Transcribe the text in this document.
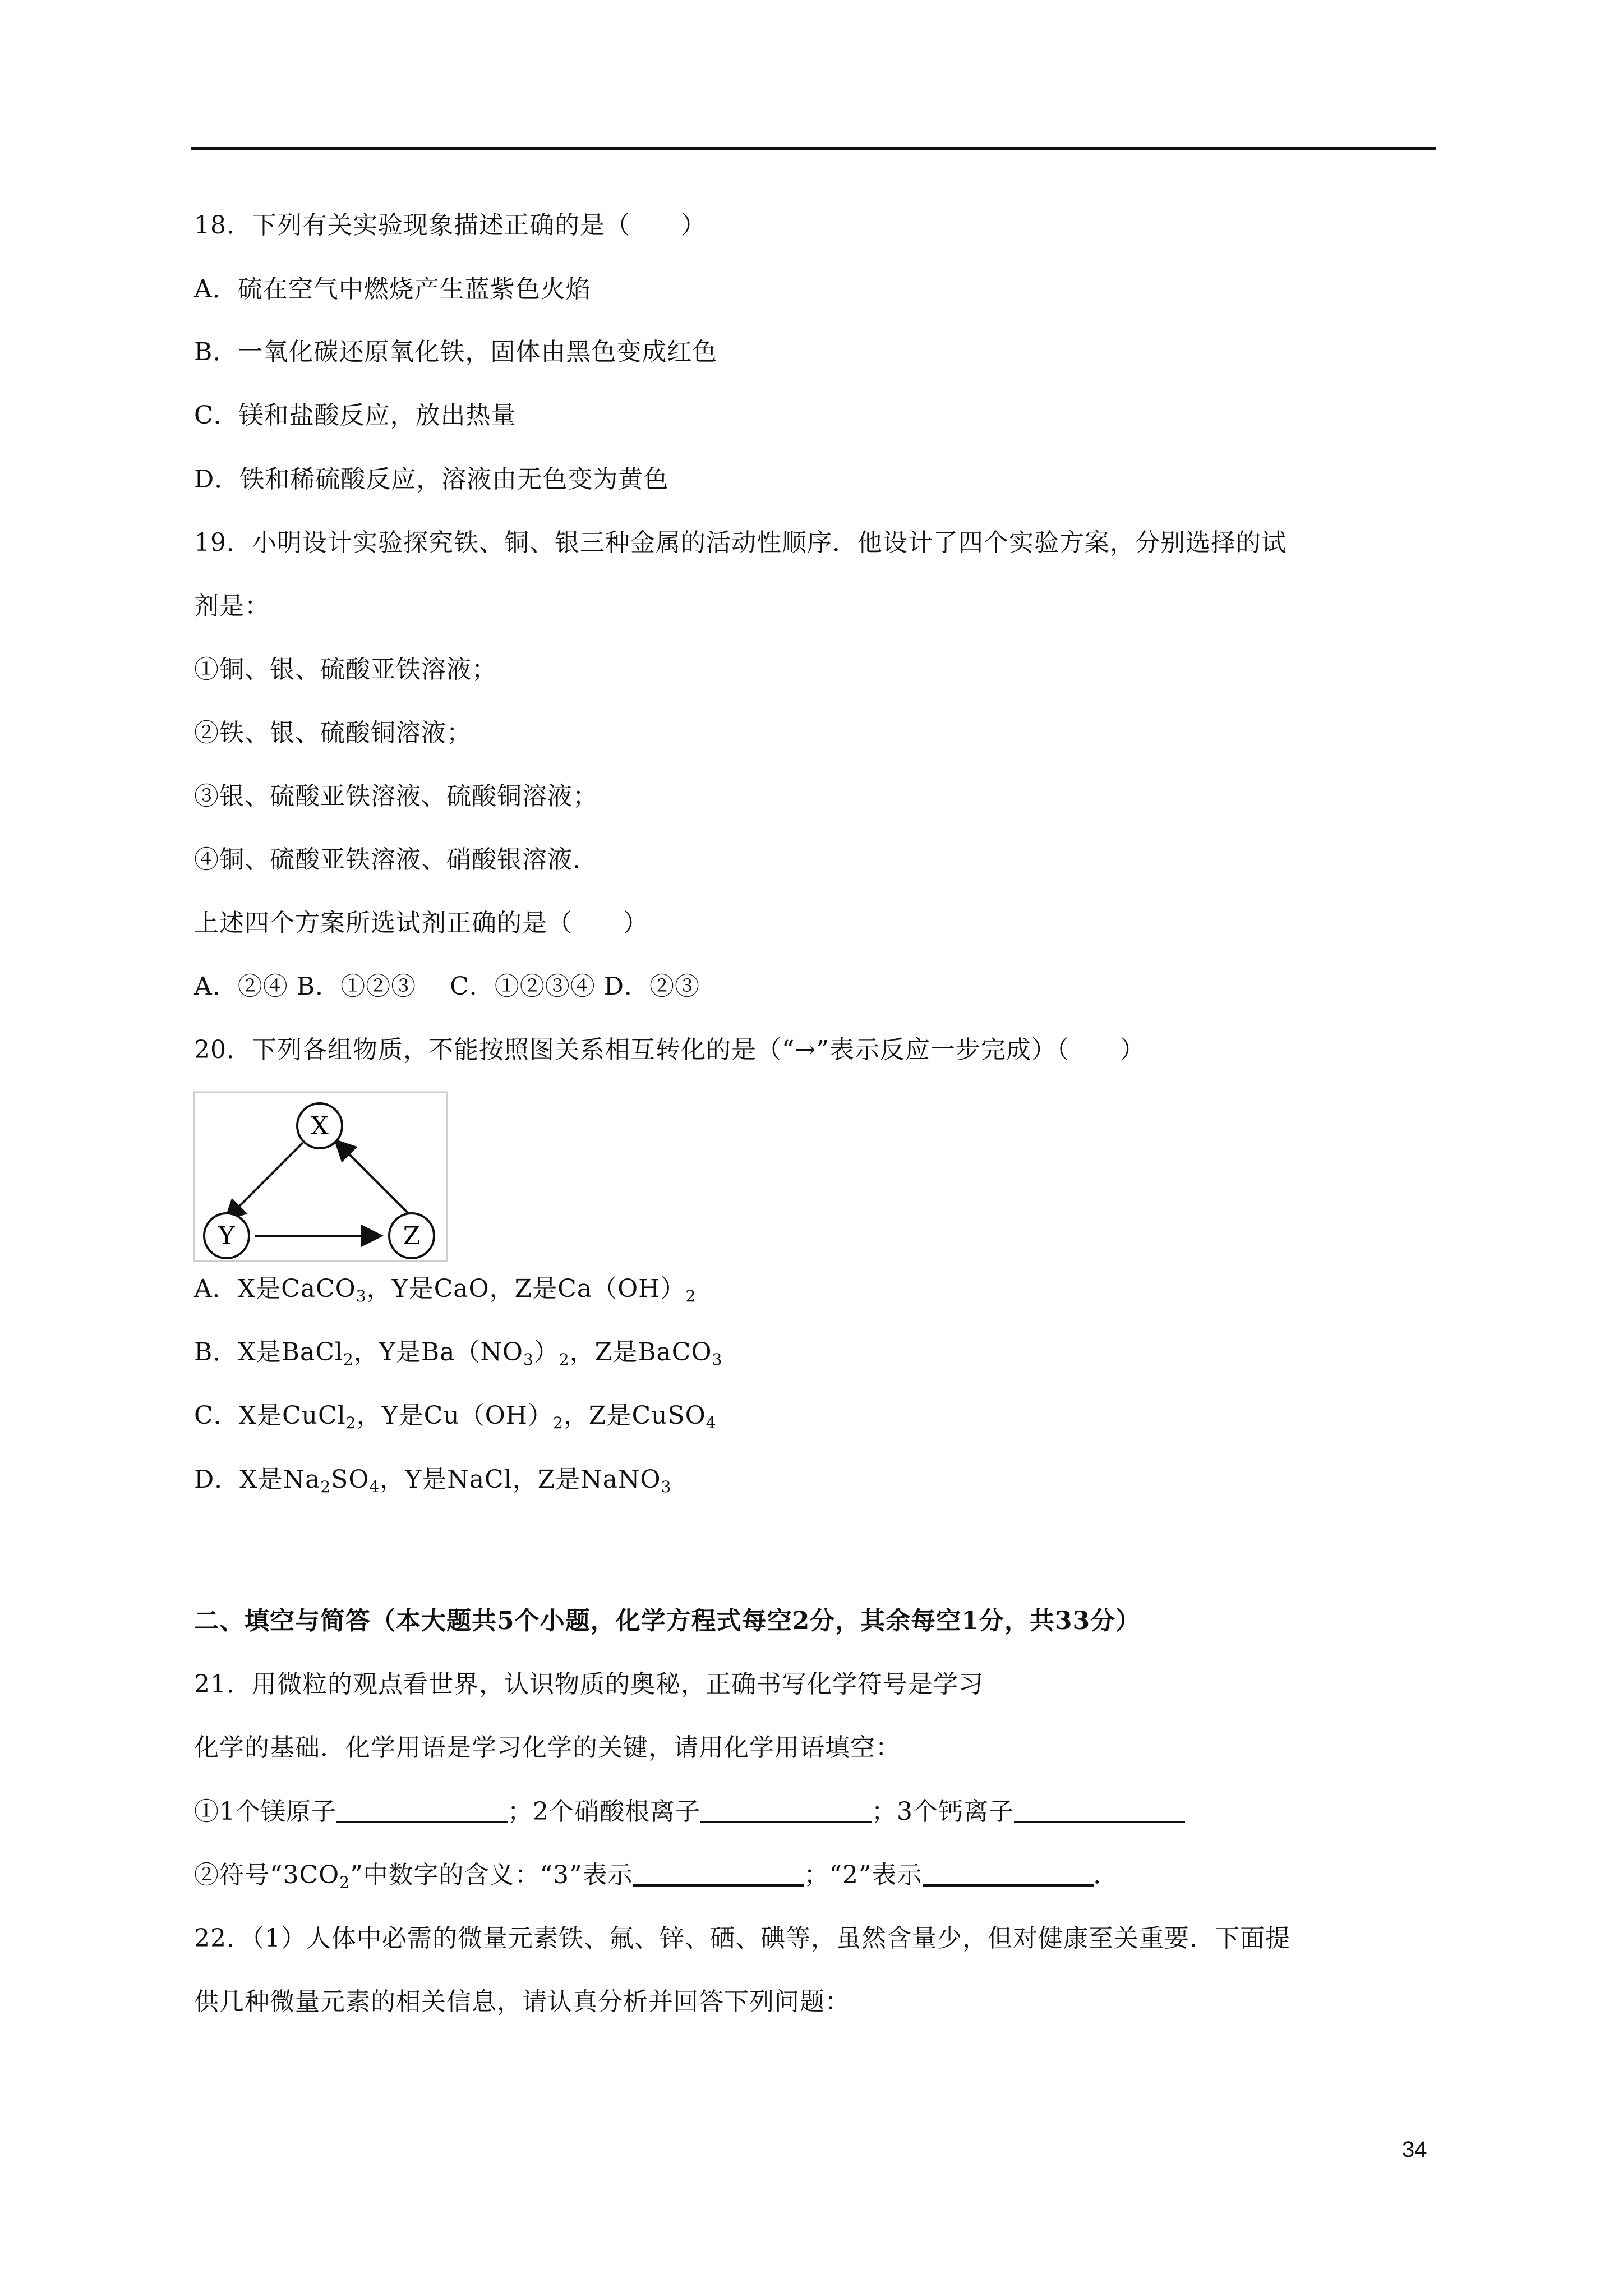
18．下列有关实验现象描述正确的是（　　）
A．硫在空气中燃烧产生蓝紫色火焰
B．一氧化碳还原氧化铁，固体由黑色变成红色
C．镁和盐酸反应，放出热量
D．铁和稀硫酸反应，溶液由无色变为黄色
19．小明设计实验探究铁、铜、银三种金属的活动性顺序．他设计了四个实验方案，分别选择的试
剂是：
①铜、银、硫酸亚铁溶液；
②铁、银、硫酸铜溶液；
③银、硫酸亚铁溶液、硫酸铜溶液；
④铜、硫酸亚铁溶液、硝酸银溶液．
上述四个方案所选试剂正确的是（　　）
A．②④ B．①②③　 C．①②③④ D．②③
20．下列各组物质，不能按照图关系相互转化的是（“→”表示反应一步完成）（　　）
X
Y	Z
A．X是CaCO$_3$，Y是CaO，Z是$Ca(OH)_2$
B．X是BaCl$_2$，Y是$Ba(NO_3)_2$，Z是BaCO$_3$
C．X是CuCl$_2$，Y是$Cu(OH)_2$，Z是CuSO$_4$
D．X是$Na_2SO_4$，Y是NaCl，Z是NaNO$_3$
二、填空与简答（本大题共5个小题，化学方程式每空2分，其余每空1分，共33分）
21．用微粒的观点看世界，认识物质的奥秘，正确书写化学符号是学习
化学的基础．化学用语是学习化学的关键，请用化学用语填空：
①1个镁原子	；2个硝酸根离子	；3个钙离子
②符号“$3CO_2$”中数字的含义：“3”表示	；“2”表示	．
22．（1）人体中必需的微量元素铁、氟、锌、硒、碘等，虽然含量少，但对健康至关重要．下面提
供几种微量元素的相关信息，请认真分析并回答下列问题：
34
